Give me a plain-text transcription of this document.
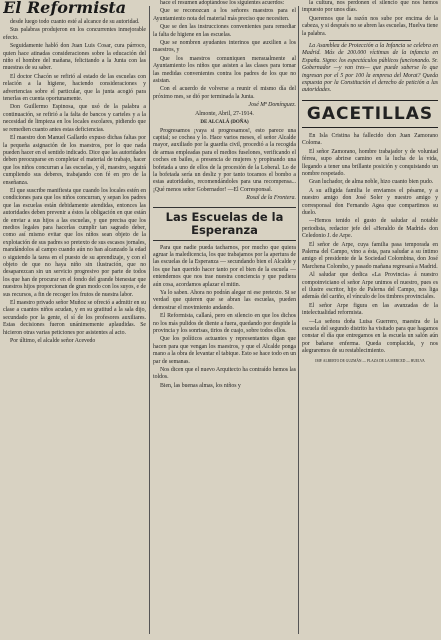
El Reformista

desde luego todo cuanto esté al alcance de su autoridad.

Sus palabras produjeron en los concurrentes inmejorable efecto.

Seguidamente habló don Juan Luis Cosar, cura párroco, quien hace atinadas consideraciones sobre la educación del niño el hombre del mañana, felicitando a la Junta con las muestras de su saber.

El doctor Chacón se refirió al estado de las escuelas con relación a la higiene, haciendo consideraciones y advertencias sobre el particular, que la junta acogió para tenerlas en cuenta oportunamente.

Don Guillermo Espinosa, que usó de la palabra a continuación, se refirió a la falta de bancos y carteles y a la necesidad de limpieza en los locales escolares, pidiendo que se remedien cuanto antes estas deficiencias.

El maestro don Manuel Gallardo expuso dichas faltas por la pequeña asignación de los maestros, por lo que nada pueden hacer en el sentido indicado. Dice que las autoridades deben preocuparse en completar el material de trabajo, hacer que los niños concurran a las escuelas, y él, maestro, seguirá cumpliendo sus deberes, trabajando con fé en pro de la enseñanza.

El que suscribe manifiesta que cuando los locales estén en condiciones para que los niños concurran, y sepan los padres que las escuelas están debidamente atendidas, entonces las autoridades deben prevenir a éstos la obligación en que están de enviar a sus hijos a las escuelas, y que precisa que los medios legales para hacerlas cumplir tan sagrado deber, como así mismo evitar que los niños sean objeto de la explotación de sus padres so pretexto de sus escasos jornales, mandándolos al campo cuando aún no han alcanzado la edad o siguiendo la tarea en el puesto de su aprendizaje, y con el objeto de que no haya niño sin ilustración, que no desaparezcan sin un servicio progresivo por parte de todos los que han de procurar en el fondo del grande bienestar que nuestros hijos proporcionan de gran modo con los suyos, e de sus recursos, a fin de recoger los frutos de nuestra labor.

El maestro privado señor Muñoz se ofreció a admitir en su clase a cuantos niños acudan, y en su gratitud a la sala dijo, secundado por la gente, el sí de los profesores auxiliares. Estas decisiones fueron unánimemente aplaudidas. Se hicieron otras varias peticiones por asistentes al acto.

Por último, el alcalde señor Acevedo

hace el resumen adoptándose los siguientes acuerdos:

Que se reconozcan a los señores maestros para el Ayuntamiento nota del material más preciso que necesiten.

Que se den las instrucciones convenientes para remediar la falta de higiene en las escuelas.

Que se nombren ayudantes interinos que auxilien a los maestros, y

Que los maestros comuniquen mensualmente al Ayuntamiento los niños que asisten a las clases para tomar las medidas convenientes contra los padres de los que no asistan.

Con el acuerdo de volverse a reunir el mismo día del próximo mes, se dió por terminada la Junta.

José Mª Domínguez.
Almonte, Abril, 27-1914.
DE ALCALÁ (DOÑA)

Progresamos ¡vaya si progresamos!, esto parece una capital; se cochea y lo. Hace varios meses, el señor Alcalde mayor, auxiliado por la guardia civil, procedió a la recogida de armas empleadas para el medios fuselones, verificando el coches en bailes, a presencia de mujeres y propinando una bofetada a uno de ellos de la procesión de la Loberal. Lo de la bofetada sería un desliz y por tanto tocamos el bombo a estas autoridades, recomendándoles para una recompensa... ¡Qué menos señor Gobernador! —El Corresponsal.

Rosal de la Frontera.
Las Escuelas de la Esperanza

Para que nadie pueda tacharnos, por mucho que quiera agruar la maledicencia, los que trabajamos por la apertura de las escuelas de la Esperanza — secundando bien el Alcalde y los que han querido hacer tanto por el bien de la escuela — entendemos que nos trae nuestra conciencia y que pudiera aún cosa, acordamos aplazar el mitin.

Ya lo saben. Ahora no podrán alegar ni ese pretexto. Si se verdad que quieren que se abran las escuelas, pueden demostrar el movimiento andando.

El Reformista, callará, pero en silencio en que los dichos no los más pulidos de diente a fuera, quedando por despide la provincia y los sonrisas, tirios de cuajo, sobre todos ellos.

Que los políticos actuantes y representantes digan que hacen para que vengan los maestros, y que el Alcalde ponga mano a la obra de levantar el tabique. Esto se hace todo en un par de semanas.

Nos dicen que el nuevo Arquitecto ha contraído hemos las toldos.

Bien, las buenas almas, los niños y

la cultura, nos perdonen el silencio que nos hemos impuesto por unos días.

Queremos que la razón nos sube por encima de la cabeza, y si después no se abren las escuelas, Huelva tiene la palabra.

La Asamblea de Protección a la Infancia se celebra en Madrid. Más de 200.000 víctimas de la infancia en España. Signo: los espectáculos públicos funcionando. Sr. Gobernador —y van tres— que puede saberse lo que ingresan por el 5 por 100 la empresa del Morat? Queda expuesta por la Constitución el derecho de petición a las autoridades.

GACETILLAS

En Isla Cristina ha fallecido don Juan Zamorano Coloma.

El señor Zamorano, hombre trabajador y de voluntad férrea, supo abrirse camino en la lucha de la vida, llegando a tener una brillante posición y conquistando un nombre respetado.

Gran luchador, de alma noble, hizo cuanto bien pudo.

A su afligida familia le enviamos el pésame, y a nuestro amigo don José Soler y nuestro amigo y corresponsal don Fernando Agea que compartimos su duelo.

—Hemos tenido el gusto de saludar al notable periodista, redactor jefe del «Heraldo de Madrid» don Celedonio J. de Arpe.

El señor de Arpe, cuya familia pasa temporada en Palerna del Campo, vino a ésta, para saludar a su íntimo amigo el presidente de la Sociedad Colombina, don José Marchena Colombo, y pasado mañana regresará a Madrid.

Al saludar que dedica «La Provincia» á nuestro compoinviciano el señor Arpe unimos el nuestro, pues es el ilustre escritor, hijo de Palerna del Campo, nos liga además del cariño, el vínculo de los timbres provinciales.

El señor Arpe figura en las avanzadas de la intelectualidad reformista.

—La señora doña Luisa Guerrero, maestra de la escuela del segundo distrito ha visitado para que hagamos constar el día que entregamos en la escuela un salón aún por bañarse enferma. Queda complacida, y nos alegraremos de su restablecimiento.

IMP. ALBERTO DE GUZMÁN — PLAZA DE LA MERCED — HUELVA
